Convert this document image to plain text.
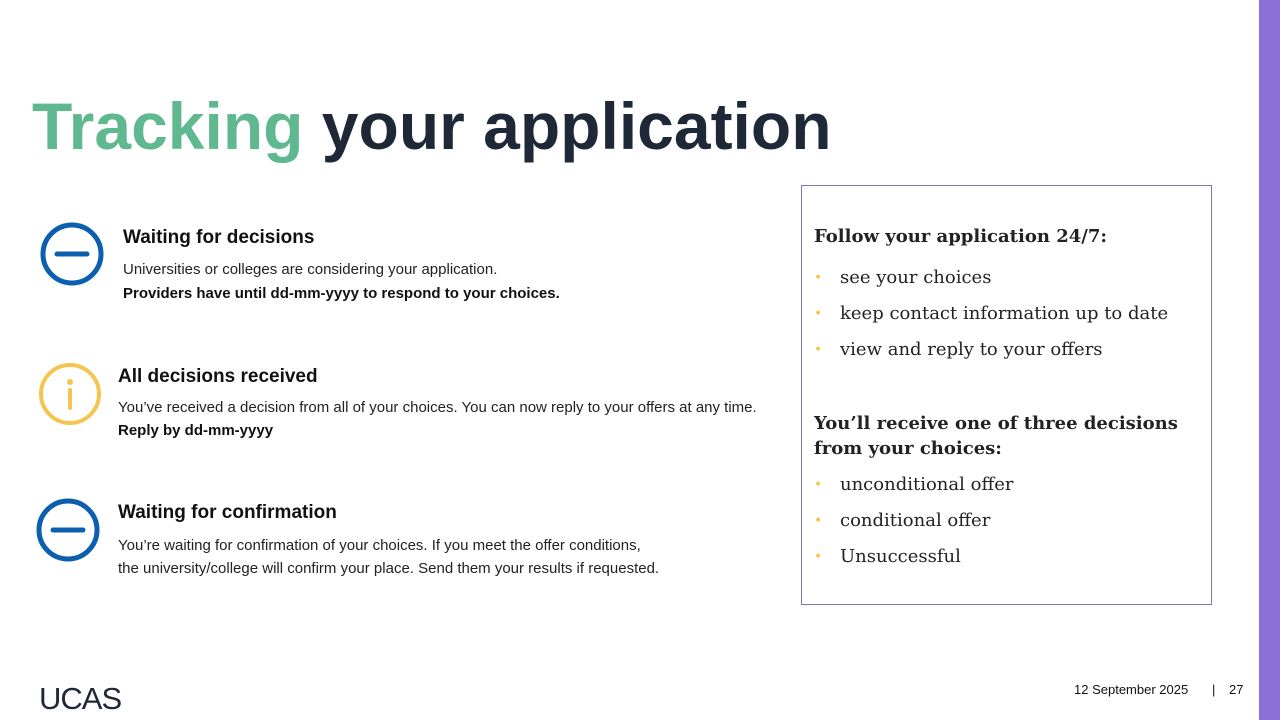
Tracking your application
Waiting for decisions
Universities or colleges are considering your application.
Providers have until dd-mm-yyyy to respond to your choices.
All decisions received
You’ve received a decision from all of your choices. You can now reply to your offers at any time.
Reply by dd-mm-yyyy
Waiting for confirmation
You’re waiting for confirmation of your choices. If you meet the offer conditions,
the university/college will confirm your place. Send them your results if requested.

Follow your application 24/7:

• see your choices
• keep contact information up to date
• view and reply to your offers

You’ll receive one of three decisions
from your choices:

• unconditional offer
• conditional offer
• Unsuccessful
UCAS	12 September 2025 | 27
